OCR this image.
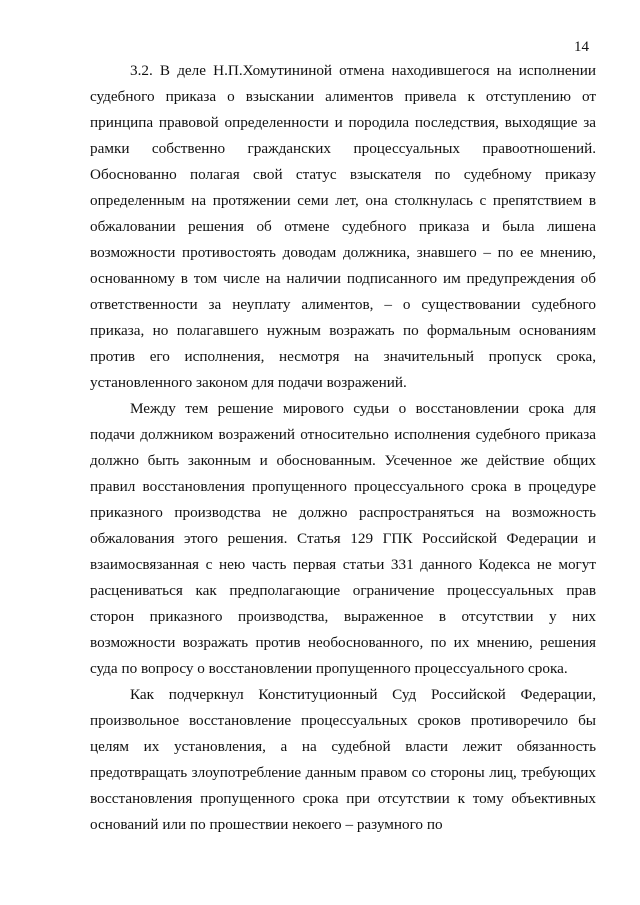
14

3.2. В деле Н.П.Хомутининой отмена находившегося на исполнении судебного приказа о взыскании алиментов привела к отступлению от принципа правовой определенности и породила последствия, выходящие за рамки собственно гражданских процессуальных правоотношений. Обоснованно полагая свой статус взыскателя по судебному приказу определенным на протяжении семи лет, она столкнулась с препятствием в обжаловании решения об отмене судебного приказа и была лишена возможности противостоять доводам должника, знавшего – по ее мнению, основанному в том числе на наличии подписанного им предупреждения об ответственности за неуплату алиментов, – о существовании судебного приказа, но полагавшего нужным возражать по формальным основаниям против его исполнения, несмотря на значительный пропуск срока, установленного законом для подачи возражений.

Между тем решение мирового судьи о восстановлении срока для подачи должником возражений относительно исполнения судебного приказа должно быть законным и обоснованным. Усеченное же действие общих правил восстановления пропущенного процессуального срока в процедуре приказного производства не должно распространяться на возможность обжалования этого решения. Статья 129 ГПК Российской Федерации и взаимосвязанная с нею часть первая статьи 331 данного Кодекса не могут расцениваться как предполагающие ограничение процессуальных прав сторон приказного производства, выраженное в отсутствии у них возможности возражать против необоснованного, по их мнению, решения суда по вопросу о восстановлении пропущенного процессуального срока.

Как подчеркнул Конституционный Суд Российской Федерации, произвольное восстановление процессуальных сроков противоречило бы целям их установления, а на судебной власти лежит обязанность предотвращать злоупотребление данным правом со стороны лиц, требующих восстановления пропущенного срока при отсутствии к тому объективных оснований или по прошествии некоего – разумного по
